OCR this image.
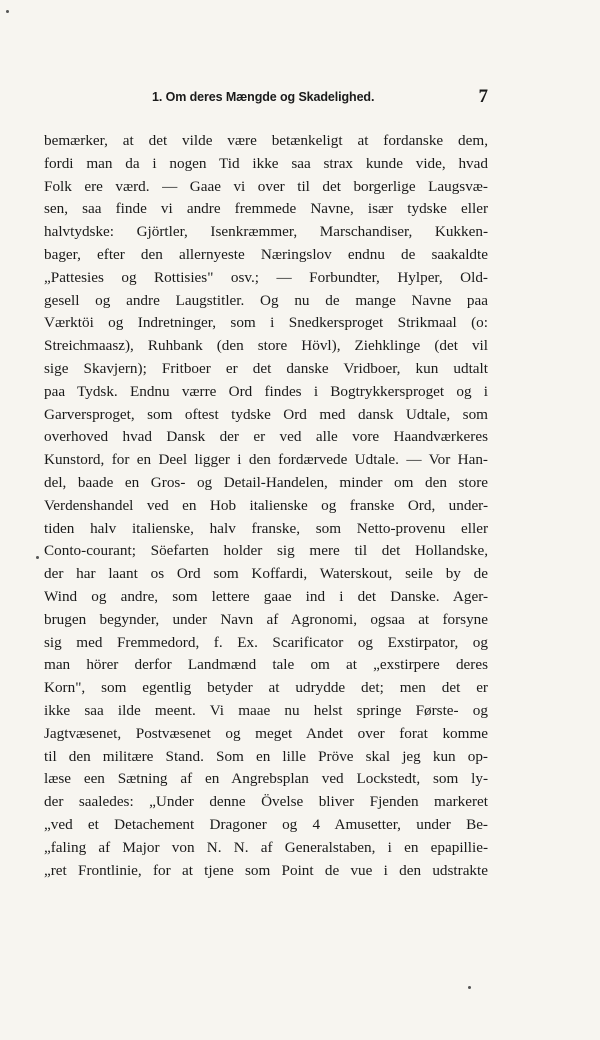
1. Om deres Mængde og Skadelighed.	7
bemærker, at det vilde være betænkeligt at fordanske dem,
fordi man da i nogen Tid ikke saa strax kunde vide, hvad
Folk ere værd. — Gaae vi over til det borgerlige Laugsvæ-
sen, saa finde vi andre fremmede Navne, især tydske eller
halvtydske: Gjörtler, Isenkræmmer, Marschandiser, Kukken-
bager, efter den allernyeste Næringslov endnu de saakaldte
„Pattesies og Rottisies" osv.; — Forbundter, Hylper, Old-
gesell og andre Laugstitler. Og nu de mange Navne paa
Værktöi og Indretninger, som i Snedkersproget Strikmaal (o:
Streichmaasz), Ruhbank (den store Hövl), Ziehklinge (det vil
sige Skavjern); Fritboer er det danske Vridboer, kun udtalt
paa Tydsk. Endnu værre Ord findes i Bogtrykkersproget og i
Garversproget, som oftest tydske Ord med dansk Udtale, som
overhoved hvad Dansk der er ved alle vore Haandværkeres
Kunstord, for en Deel ligger i den fordærvede Udtale. — Vor Han-
del, baade en Gros- og Detail-Handelen, minder om den store
Verdenshandel ved en Hob italienske og franske Ord, under-
tiden halv italienske, halv franske, som Netto-provenu eller
Conto-courant; Söefarten holder sig mere til det Hollandske,
der har laant os Ord som Koffardi, Waterskout, seile by de
Wind og andre, som lettere gaae ind i det Danske. Ager-
brugen begynder, under Navn af Agronomi, ogsaa at forsyne
sig med Fremmedord, f. Ex. Scarificator og Exstirpator, og
man hörer derfor Landmænd tale om at „exstirpere deres
Korn", som egentlig betyder at udrydde det; men det er
ikke saa ilde meent. Vi maae nu helst springe Første- og
Jagtvæsenet, Postvæsenet og meget Andet over forat komme
til den militære Stand. Som en lille Pröve skal jeg kun op-
læse een Sætning af en Angrebsplan ved Lockstedt, som ly-
der saaledes: „Under denne Övelse bliver Fjenden markeret
„ved et Detachement Dragoner og 4 Amusetter, under Be-
„faling af Major von N. N. af Generalstaben, i en epapillie-
„ret Frontlinie, for at tjene som Point de vue i den udstrakte
